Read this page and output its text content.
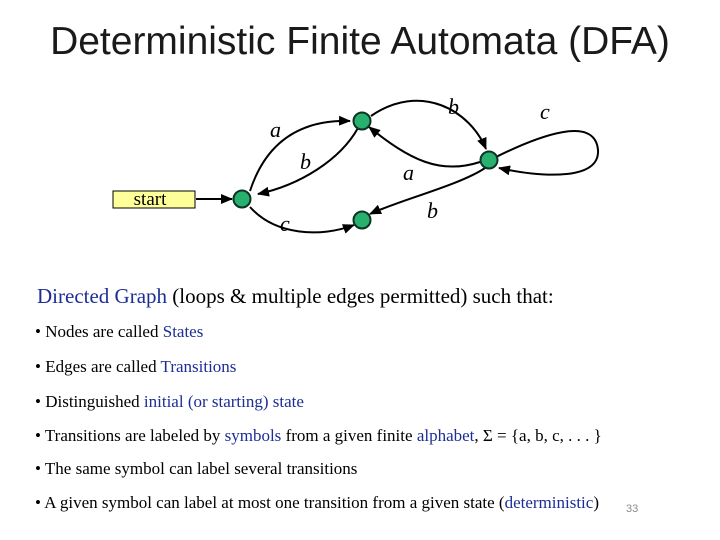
Deterministic Finite Automata (DFA)
start
a
b
c
b
a
b
c
Directed Graph (loops & multiple edges permitted) such that:
• Nodes are called States
• Edges are called Transitions
• Distinguished initial (or starting) state
• Transitions are labeled by symbols from a given finite alphabet, Σ = {a, b, c, . . . }
• The same symbol can label several transitions
• A given symbol can label at most one transition from a given state (deterministic) 33
